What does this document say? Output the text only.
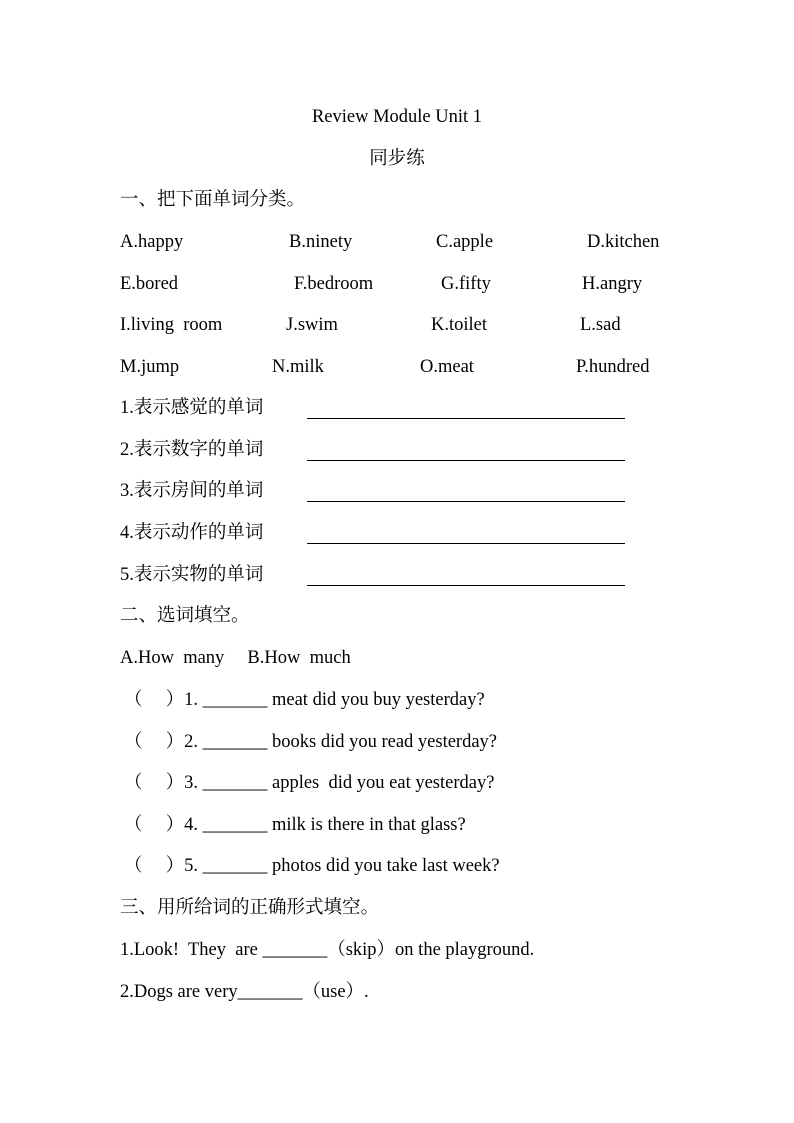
Review Module Unit 1
同步练
一、把下面单词分类。
A.happy	B.ninety	C.apple	D.kitchen
E.bored	F.bedroom	G.fifty	H.angry
I.living  room	J.swim	K.toilet	L.sad
M.jump	N.milk	O.meat	P.hundred
1.表示感觉的单词
2.表示数字的单词
3.表示房间的单词
4.表示动作的单词
5.表示实物的单词
二、选词填空。
A.How  many     B.How  much
（     ）1. _______ meat did you buy yesterday?
（     ）2. _______ books did you read yesterday?
（     ）3. _______ apples  did you eat yesterday?
（     ）4. _______ milk is there in that glass?
（     ）5. _______ photos did you take last week?
三、用所给词的正确形式填空。
1.Look!  They  are _______（skip）on the playground.
2.Dogs are very_______（use）.
